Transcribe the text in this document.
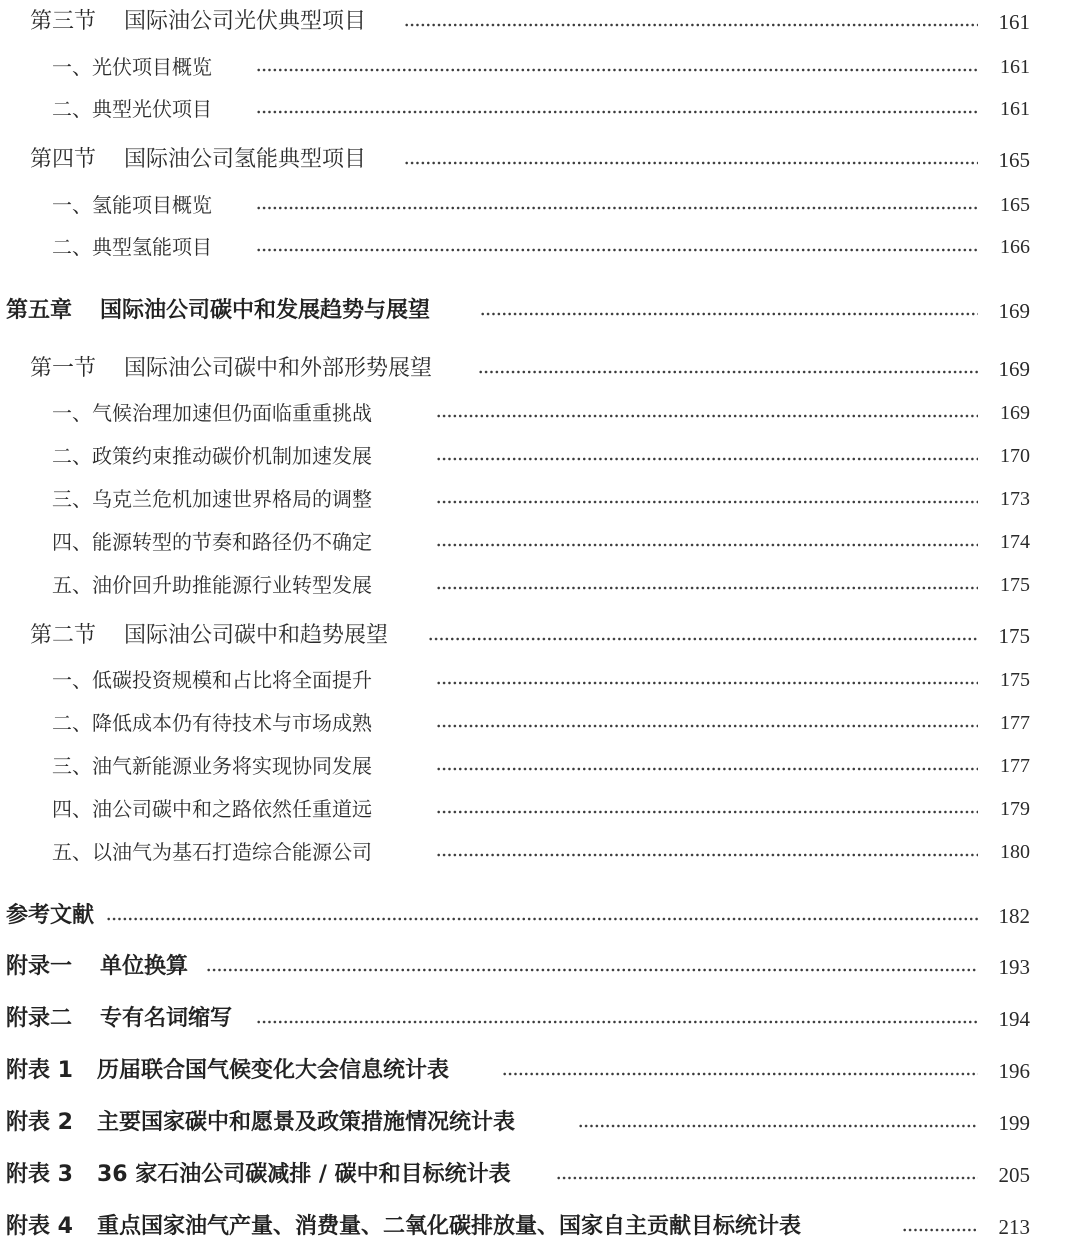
第三节 国际油公司光伏典型项目	161
一、光伏项目概览	161
二、典型光伏项目	161
第四节 国际油公司氢能典型项目	165
一、氢能项目概览	165
二、典型氢能项目	166
第五章 国际油公司碳中和发展趋势与展望	169
第一节 国际油公司碳中和外部形势展望	169
一、气候治理加速但仍面临重重挑战	169
二、政策约束推动碳价机制加速发展	170
三、乌克兰危机加速世界格局的调整	173
四、能源转型的节奏和路径仍不确定	174
五、油价回升助推能源行业转型发展	175
第二节 国际油公司碳中和趋势展望	175
一、低碳投资规模和占比将全面提升	175
二、降低成本仍有待技术与市场成熟	177
三、油气新能源业务将实现协同发展	177
四、油公司碳中和之路依然任重道远	179
五、以油气为基石打造综合能源公司	180
参考文献	182
附录一 单位换算	193
附录二 专有名词缩写	194
附表 1 历届联合国气候变化大会信息统计表	196
附表 2 主要国家碳中和愿景及政策措施情况统计表	199
附表 3 36 家石油公司碳减排 / 碳中和目标统计表	205
附表 4 重点国家油气产量、消费量、二氧化碳排放量、国家自主贡献目标统计表	213
